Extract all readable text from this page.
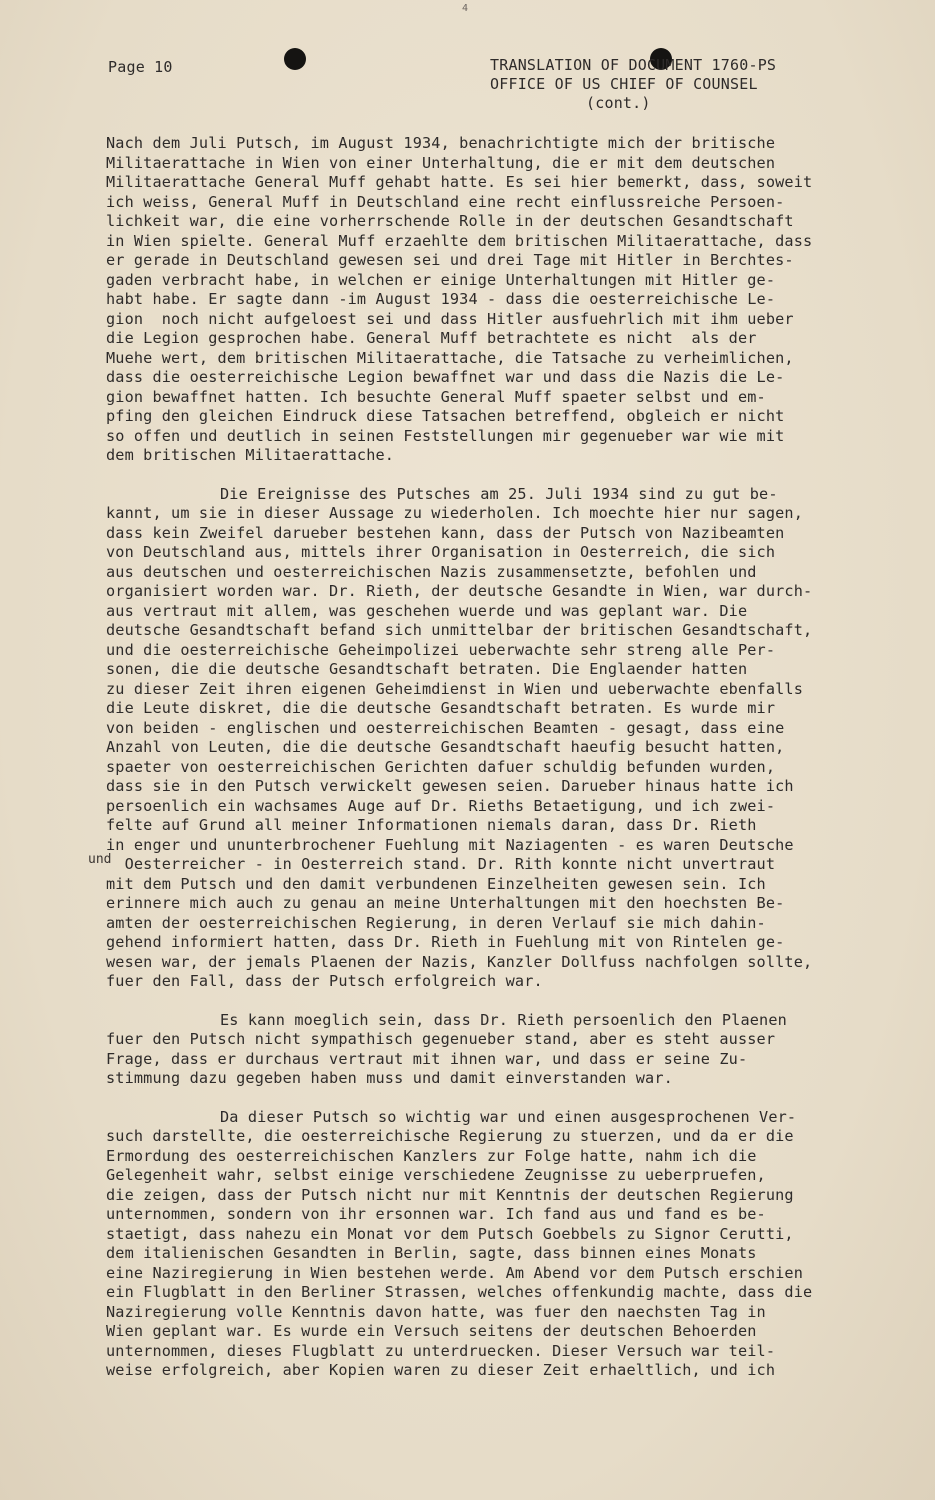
4
Page 10	TRANSLATION OF DOCUMENT 1760-PS
OFFICE OF US CHIEF OF COUNSEL
(cont.)
Nach dem Juli Putsch, im August 1934, benachrichtigte mich der britische
Militaerattache in Wien von einer Unterhaltung, die er mit dem deutschen
Militaerattache General Muff gehabt hatte. Es sei hier bemerkt, dass, soweit
ich weiss, General Muff in Deutschland eine recht einflussreiche Persoen-
lichkeit war, die eine vorherrschende Rolle in der deutschen Gesandtschaft
in Wien spielte. General Muff erzaehlte dem britischen Militaerattache, dass
er gerade in Deutschland gewesen sei und drei Tage mit Hitler in Berchtes-
gaden verbracht habe, in welchen er einige Unterhaltungen mit Hitler ge-
habt habe. Er sagte dann -im August 1934 - dass die oesterreichische Le-
gion  noch nicht aufgeloest sei und dass Hitler ausfuehrlich mit ihm ueber
die Legion gesprochen habe. General Muff betrachtete es nicht  als der
Muehe wert, dem britischen Militaerattache, die Tatsache zu verheimlichen,
dass die oesterreichische Legion bewaffnet war und dass die Nazis die Le-
gion bewaffnet hatten. Ich besuchte General Muff spaeter selbst und em-
pfing den gleichen Eindruck diese Tatsachen betreffend, obgleich er nicht
so offen und deutlich in seinen Feststellungen mir gegenueber war wie mit
dem britischen Militaerattache.
Die Ereignisse des Putsches am 25. Juli 1934 sind zu gut be-
kannt, um sie in dieser Aussage zu wiederholen. Ich moechte hier nur sagen,
dass kein Zweifel darueber bestehen kann, dass der Putsch von Nazibeamten
von Deutschland aus, mittels ihrer Organisation in Oesterreich, die sich
aus deutschen und oesterreichischen Nazis zusammensetzte, befohlen und
organisiert worden war. Dr. Rieth, der deutsche Gesandte in Wien, war durch-
aus vertraut mit allem, was geschehen wuerde und was geplant war. Die
deutsche Gesandtschaft befand sich unmittelbar der britischen Gesandtschaft,
und die oesterreichische Geheimpolizei ueberwachte sehr streng alle Per-
sonen, die die deutsche Gesandtschaft betraten. Die Englaender hatten
zu dieser Zeit ihren eigenen Geheimdienst in Wien und ueberwachte ebenfalls
die Leute diskret, die die deutsche Gesandtschaft betraten. Es wurde mir
von beiden - englischen und oesterreichischen Beamten - gesagt, dass eine
Anzahl von Leuten, die die deutsche Gesandtschaft haeufig besucht hatten,
spaeter von oesterreichischen Gerichten dafuer schuldig befunden wurden,
dass sie in den Putsch verwickelt gewesen seien. Darueber hinaus hatte ich
persoenlich ein wachsames Auge auf Dr. Rieths Betaetigung, und ich zwei-
felte auf Grund all meiner Informationen niemals daran, dass Dr. Rieth
in enger und ununterbrochener Fuehlung mit Naziagenten - es waren Deutsche
Oesterreicher - in Oesterreich stand. Dr. Rith konnte nicht unvertraut
mit dem Putsch und den damit verbundenen Einzelheiten gewesen sein. Ich
erinnere mich auch zu genau an meine Unterhaltungen mit den hoechsten Be-
amten der oesterreichischen Regierung, in deren Verlauf sie mich dahin-
gehend informiert hatten, dass Dr. Rieth in Fuehlung mit von Rintelen ge-
wesen war, der jemals Plaenen der Nazis, Kanzler Dollfuss nachfolgen sollte,
fuer den Fall, dass der Putsch erfolgreich war.
Es kann moeglich sein, dass Dr. Rieth persoenlich den Plaenen
fuer den Putsch nicht sympathisch gegenueber stand, aber es steht ausser
Frage, dass er durchaus vertraut mit ihnen war, und dass er seine Zu-
stimmung dazu gegeben haben muss und damit einverstanden war.
Da dieser Putsch so wichtig war und einen ausgesprochenen Ver-
such darstellte, die oesterreichische Regierung zu stuerzen, und da er die
Ermordung des oesterreichischen Kanzlers zur Folge hatte, nahm ich die
Gelegenheit wahr, selbst einige verschiedene Zeugnisse zu ueberpruefen,
die zeigen, dass der Putsch nicht nur mit Kenntnis der deutschen Regierung
unternommen, sondern von ihr ersonnen war. Ich fand aus und fand es be-
staetigt, dass nahezu ein Monat vor dem Putsch Goebbels zu Signor Cerutti,
dem italienischen Gesandten in Berlin, sagte, dass binnen eines Monats
eine Naziregierung in Wien bestehen werde. Am Abend vor dem Putsch erschien
ein Flugblatt in den Berliner Strassen, welches offenkundig machte, dass die
Naziregierung volle Kenntnis davon hatte, was fuer den naechsten Tag in
Wien geplant war. Es wurde ein Versuch seitens der deutschen Behoerden
unternommen, dieses Flugblatt zu unterdruecken. Dieser Versuch war teil-
weise erfolgreich, aber Kopien waren zu dieser Zeit erhaeltlich, und ich
und
